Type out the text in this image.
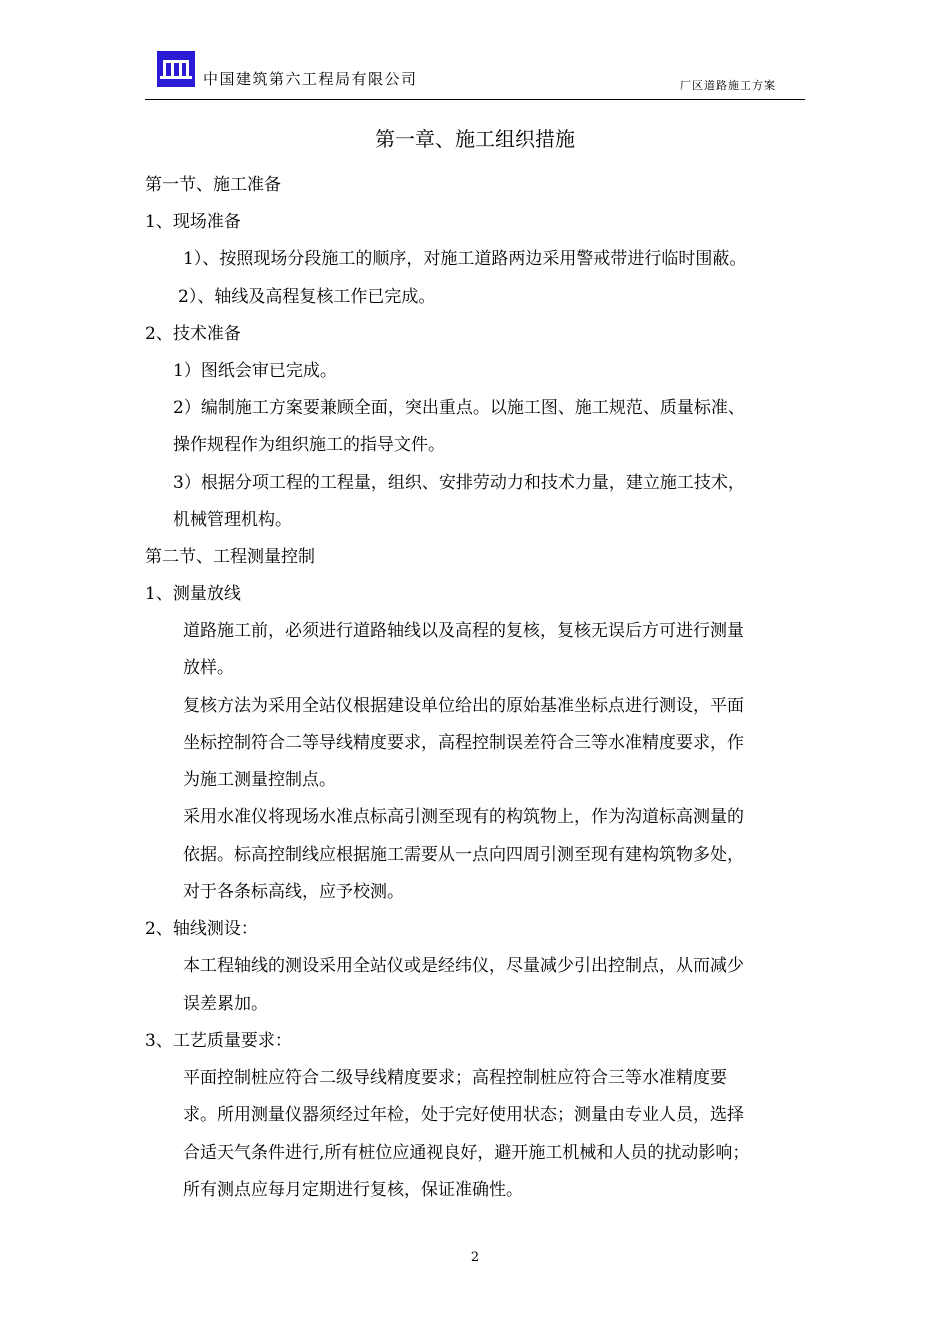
中国建筑第六工程局有限公司	厂区道路施工方案
第一章、施工组织措施
第一节、施工准备
1、现场准备
1）、按照现场分段施工的顺序，对施工道路两边采用警戒带进行临时围蔽。
2）、轴线及高程复核工作已完成。
2、技术准备
1）图纸会审已完成。
2）编制施工方案要兼顾全面，突出重点。以施工图、施工规范、质量标准、
操作规程作为组织施工的指导文件。
3）根据分项工程的工程量，组织、安排劳动力和技术力量，建立施工技术，
机械管理机构。
第二节、工程测量控制
1、测量放线
道路施工前，必须进行道路轴线以及高程的复核，复核无误后方可进行测量
放样。
复核方法为采用全站仪根据建设单位给出的原始基准坐标点进行测设，平面
坐标控制符合二等导线精度要求，高程控制误差符合三等水准精度要求，作
为施工测量控制点。
采用水准仪将现场水准点标高引测至现有的构筑物上，作为沟道标高测量的
依据。标高控制线应根据施工需要从一点向四周引测至现有建构筑物多处，
对于各条标高线，应予校测。
2、轴线测设：
本工程轴线的测设采用全站仪或是经纬仪，尽量减少引出控制点，从而减少
误差累加。
3、工艺质量要求：
平面控制桩应符合二级导线精度要求；高程控制桩应符合三等水准精度要
求。所用测量仪器须经过年检，处于完好使用状态；测量由专业人员，选择
合适天气条件进行,所有桩位应通视良好，避开施工机械和人员的扰动影响；
所有测点应每月定期进行复核，保证准确性。
2
